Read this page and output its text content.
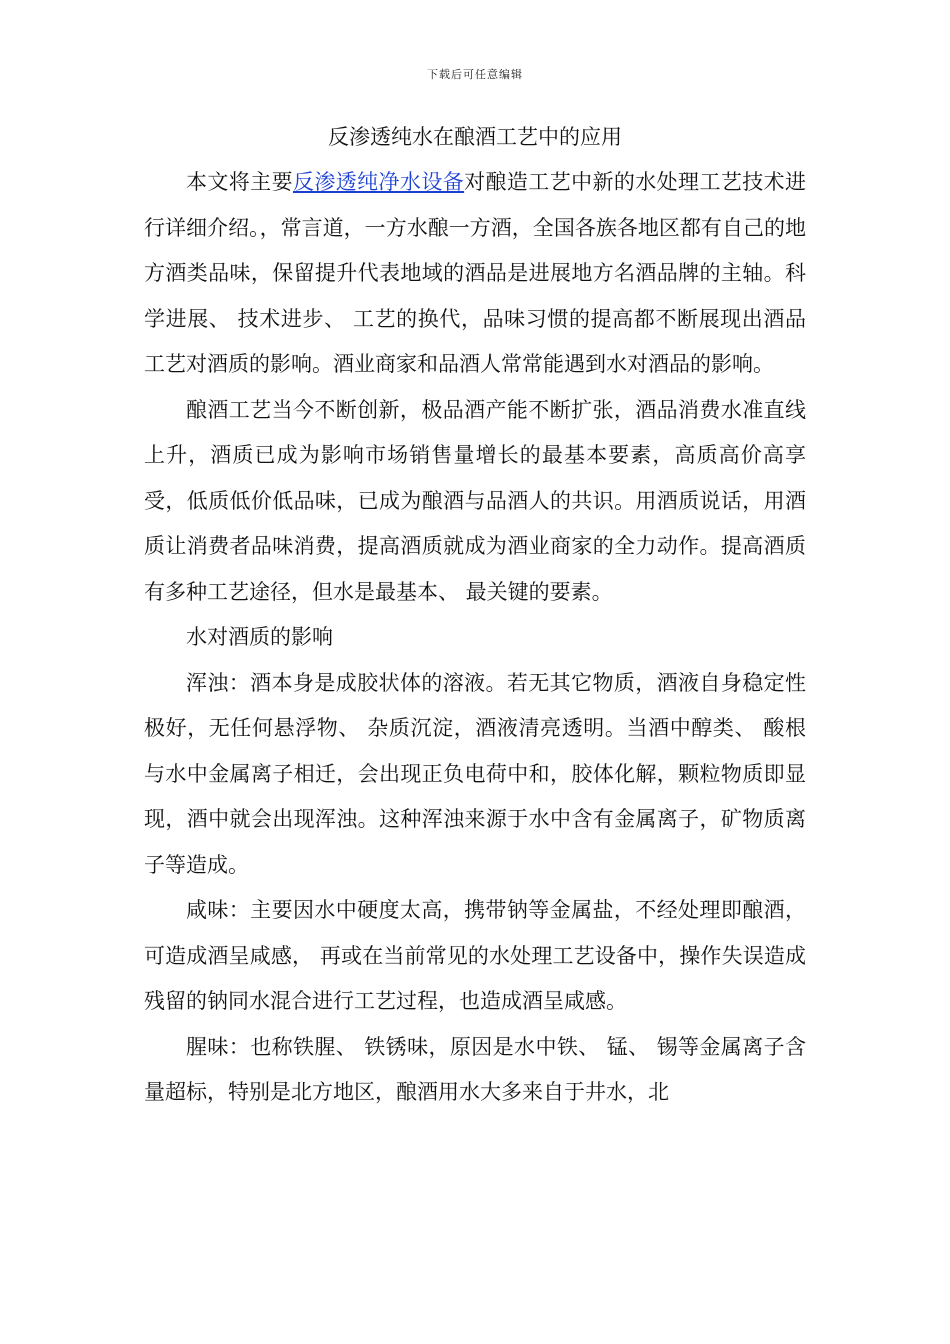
下载后可任意编辑
反渗透纯水在酿酒工艺中的应用

本文将主要反渗透纯净水设备对酿造工艺中新的水处理工艺技术进行详细介绍。，常言道，一方水酿一方酒，全国各族各地区都有自己的地方酒类品味，保留提升代表地域的酒品是进展地方名酒品牌的主轴。科学进展、 技术进步、 工艺的换代，品味习惯的提高都不断展现出酒品工艺对酒质的影响。酒业商家和品酒人常常能遇到水对酒品的影响。

酿酒工艺当今不断创新，极品酒产能不断扩张，酒品消费水准直线上升，酒质已成为影响市场销售量增长的最基本要素，高质高价高享受，低质低价低品味，已成为酿酒与品酒人的共识。用酒质说话，用酒质让消费者品味消费，提高酒质就成为酒业商家的全力动作。提高酒质有多种工艺途径，但水是最基本、 最关键的要素。

水对酒质的影响

浑浊：酒本身是成胶状体的溶液。若无其它物质，酒液自身稳定性极好，无任何悬浮物、 杂质沉淀，酒液清亮透明。当酒中醇类、 酸根与水中金属离子相迁，会出现正负电荷中和，胶体化解，颗粒物质即显现，酒中就会出现浑浊。这种浑浊来源于水中含有金属离子，矿物质离子等造成。

咸味：主要因水中硬度太高，携带钠等金属盐，不经处理即酿酒， 可造成酒呈咸感， 再或在当前常见的水处理工艺设备中，操作失误造成残留的钠同水混合进行工艺过程，也造成酒呈咸感。

腥味：也称铁腥、 铁锈味，原因是水中铁、 锰、 锡等金属离子含量超标，特别是北方地区，酿酒用水大多来自于井水，北
